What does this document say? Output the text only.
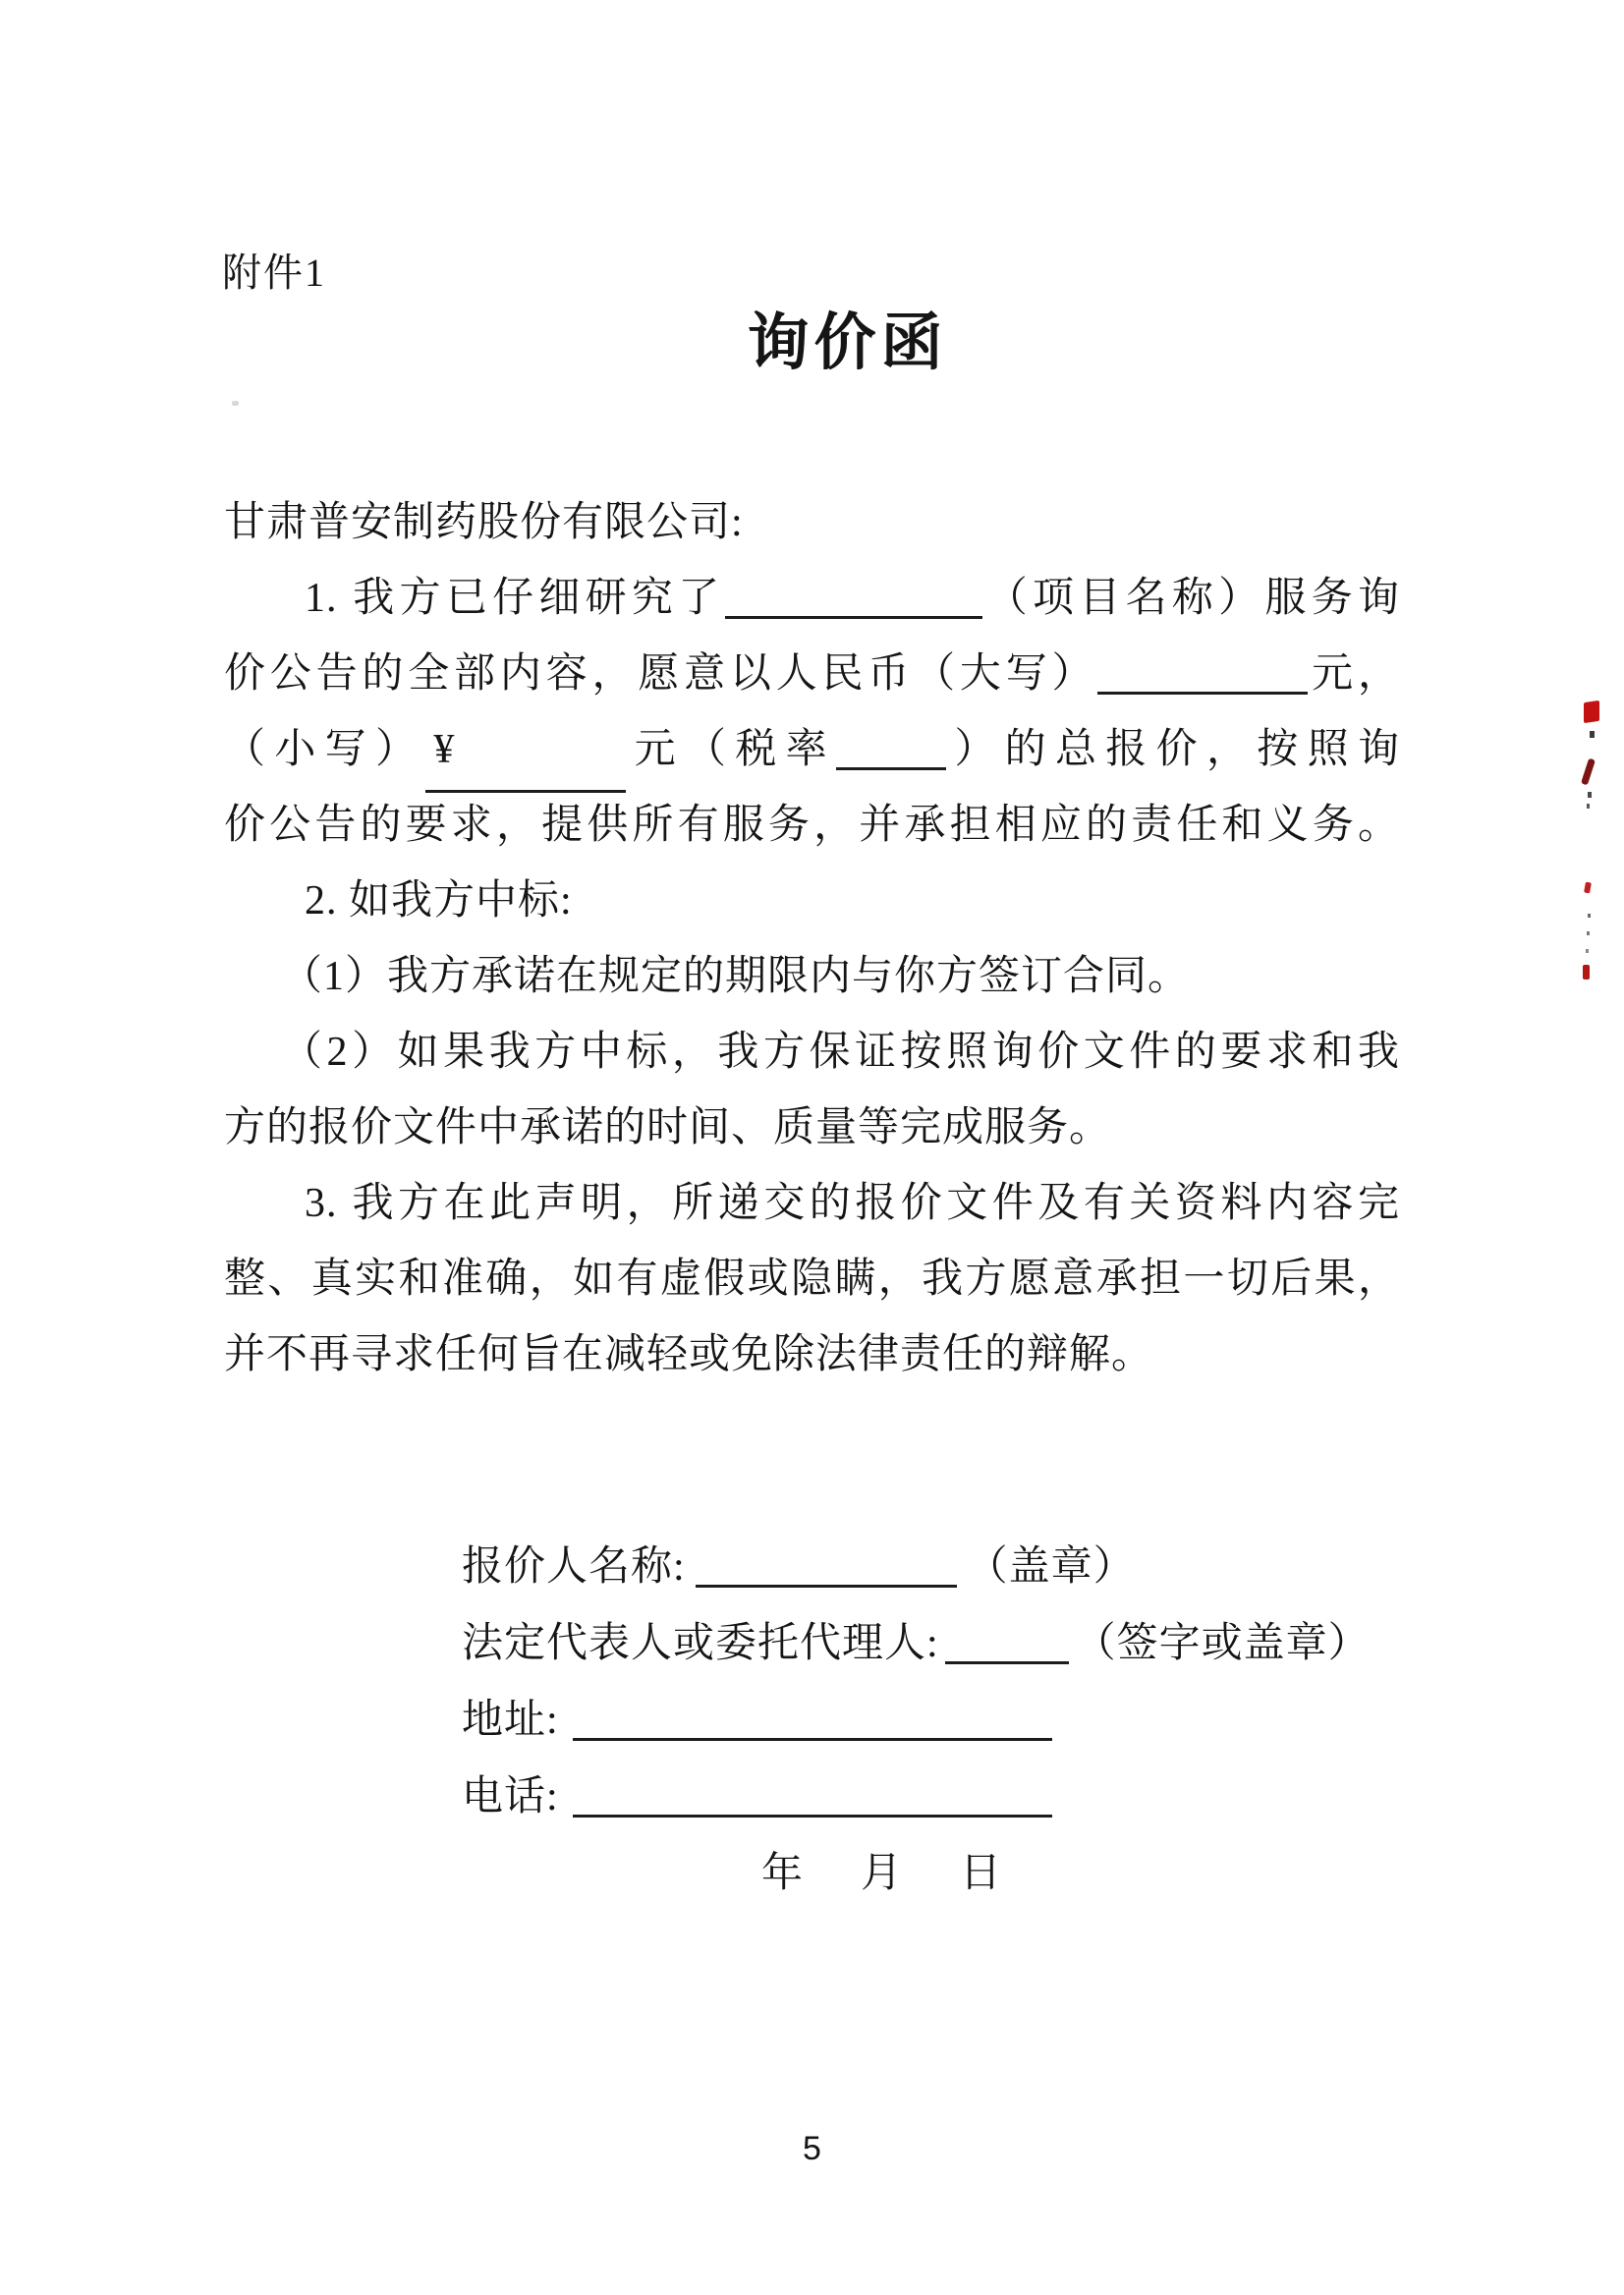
附件1
询价函
甘肃普安制药股份有限公司:
1. 我方已仔细研究了	（项目名称）服务询
价公告的全部内容，愿意以人民币（大写）	元，
（小写） ¥	元（税率	）的总报价，按照询
价公告的要求，提供所有服务，并承担相应的责任和义务。
2. 如我方中标:
（1）我方承诺在规定的期限内与你方签订合同。
（2）如果我方中标，我方保证按照询价文件的要求和我
方的报价文件中承诺的时间、质量等完成服务。
3. 我方在此声明，所递交的报价文件及有关资料内容完
整、真实和准确，如有虚假或隐瞒，我方愿意承担一切后果，
并不再寻求任何旨在减轻或免除法律责任的辩解。
报价人名称:	（盖章）
法定代表人或委托代理人:	（签字或盖章）
地址:
电话:
年 月 日
5
